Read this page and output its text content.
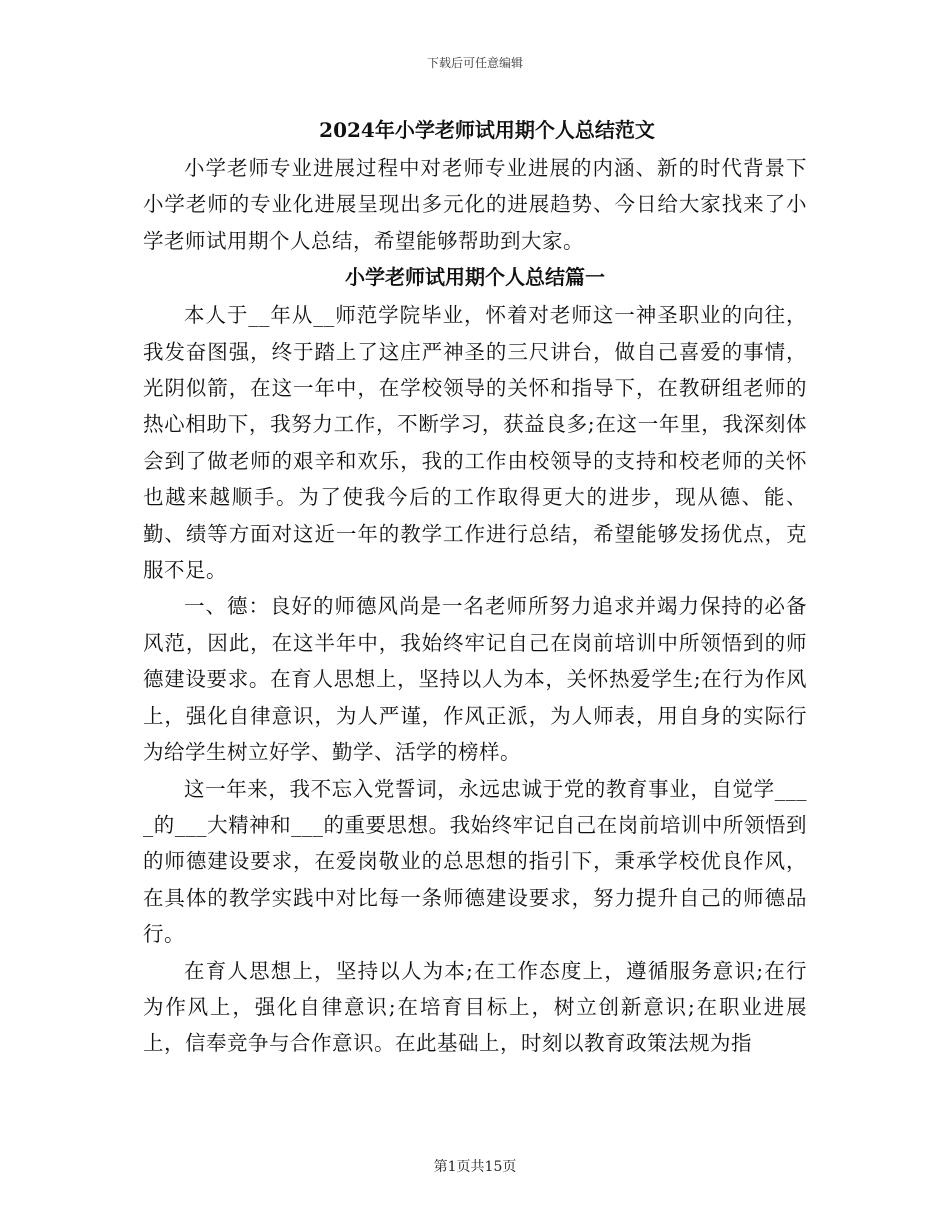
下载后可任意编辑
2024年小学老师试用期个人总结范文

小学老师专业进展过程中对老师专业进展的内涵、新的时代背景下小学老师的专业化进展呈现出多元化的进展趋势、今日给大家找来了小学老师试用期个人总结，希望能够帮助到大家。

小学老师试用期个人总结篇一

本人于__年从__师范学院毕业，怀着对老师这一神圣职业的向往，我发奋图强，终于踏上了这庄严神圣的三尺讲台，做自己喜爱的事情，光阴似箭，在这一年中，在学校领导的关怀和指导下，在教研组老师的热心相助下，我努力工作，不断学习，获益良多;在这一年里，我深刻体会到了做老师的艰辛和欢乐，我的工作由校领导的支持和校老师的关怀也越来越顺手。为了使我今后的工作取得更大的进步，现从德、能、勤、绩等方面对这近一年的教学工作进行总结，希望能够发扬优点，克服不足。

一、德：良好的师德风尚是一名老师所努力追求并竭力保持的必备风范，因此，在这半年中，我始终牢记自己在岗前培训中所领悟到的师德建设要求。在育人思想上，坚持以人为本，关怀热爱学生;在行为作风上，强化自律意识，为人严谨，作风正派，为人师表，用自身的实际行为给学生树立好学、勤学、活学的榜样。

这一年来，我不忘入党誓词，永远忠诚于党的教育事业，自觉学____的___大精神和___的重要思想。我始终牢记自己在岗前培训中所领悟到的师德建设要求，在爱岗敬业的总思想的指引下，秉承学校优良作风，在具体的教学实践中对比每一条师德建设要求，努力提升自己的师德品行。

在育人思想上，坚持以人为本;在工作态度上，遵循服务意识;在行为作风上，强化自律意识;在培育目标上，树立创新意识;在职业进展上，信奉竞争与合作意识。在此基础上，时刻以教育政策法规为指

第1页共15页
